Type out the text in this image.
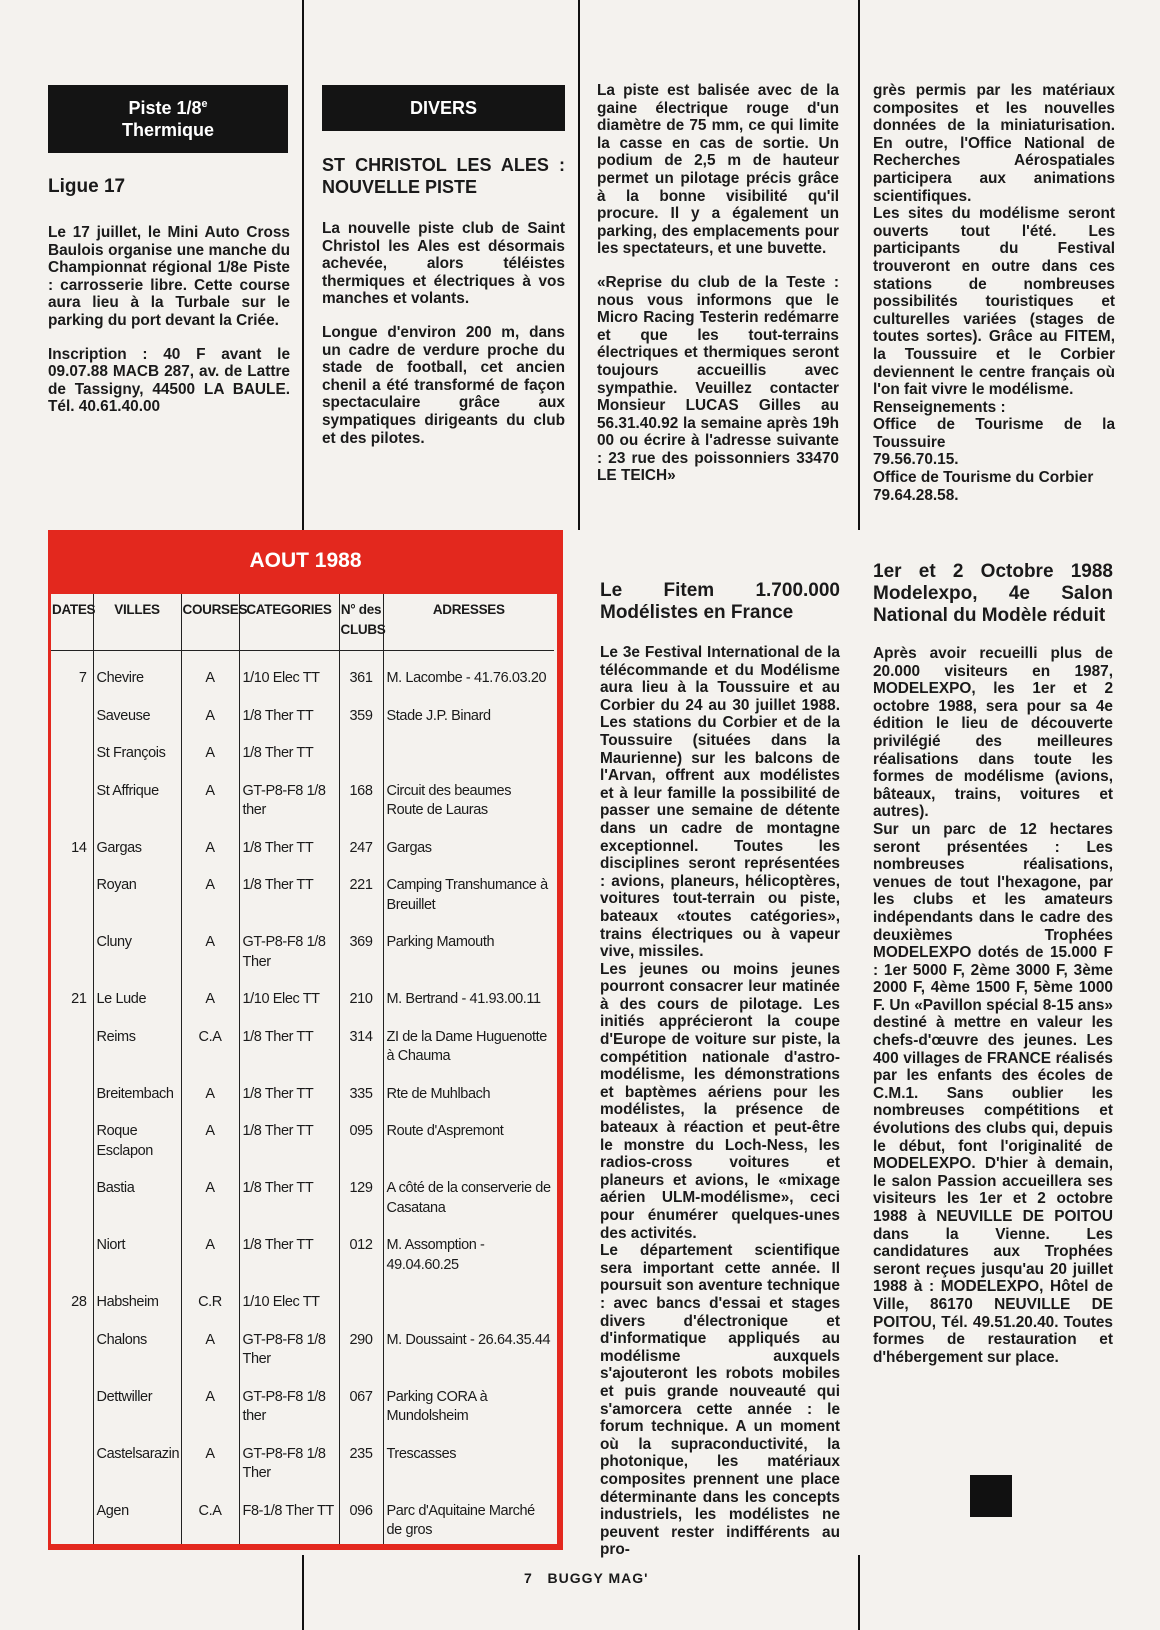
Piste 1/8e
Thermique

Ligue 17

Le 17 juillet, le Mini Auto Cross Baulois organise une manche du Championnat régional 1/8e Piste : carrosserie libre. Cette course aura lieu à la Turbale sur le parking du port devant la Criée.

Inscription : 40 F avant le 09.07.88 MACB 287, av. de Lattre de Tassigny, 44500 LA BAULE. Tél. 40.61.40.00

DIVERS

ST CHRISTOL LES ALES : NOUVELLE PISTE

La nouvelle piste club de Saint Christol les Ales est désormais achevée, alors téléistes thermiques et électriques à vos manches et volants.

Longue d'environ 200 m, dans un cadre de verdure proche du stade de football, cet ancien chenil a été transformé de façon spectaculaire grâce aux sympatiques dirigeants du club et des pilotes.

La piste est balisée avec de la gaine électrique rouge d'un diamètre de 75 mm, ce qui limite la casse en cas de sortie. Un podium de 2,5 m de hauteur permet un pilotage précis grâce à la bonne visibilité qu'il procure. Il y a également un parking, des emplacements pour les spectateurs, et une buvette.

«Reprise du club de la Teste : nous vous informons que le Micro Racing Testerin redémarre et que les tout-terrains électriques et thermiques seront toujours accueillis avec sympathie. Veuillez contacter Monsieur LUCAS Gilles au 56.31.40.92 la semaine après 19h 00 ou écrire à l'adresse suivante : 23 rue des poissonniers 33470 LE TEICH»

grès permis par les matériaux composites et les nouvelles données de la miniaturisation. En outre, l'Office National de Recherches Aérospatiales participera aux animations scientifiques.

Les sites du modélisme seront ouverts tout l'été. Les participants du Festival trouveront en outre dans ces stations de nombreuses possibilités touristiques et culturelles variées (stages de toutes sortes). Grâce au FITEM, la Toussuire et le Corbier deviennent le centre français où l'on fait vivre le modélisme.

Renseignements :

Office de Tourisme de la Toussuire

79.56.70.15.

Office de Tourisme du Corbier

79.64.28.58.

Le Fitem 1.700.000 Modélistes en France

Le 3e Festival International de la télécommande et du Modélisme aura lieu à la Toussuire et au Corbier du 24 au 30 juillet 1988. Les stations du Corbier et de la Toussuire (situées dans la Maurienne) sur les balcons de l'Arvan, offrent aux modélistes et à leur famille la possibilité de passer une semaine de détente dans un cadre de montagne exceptionnel. Toutes les disciplines seront représentées : avions, planeurs, hélicoptères, voitures tout-terrain ou piste, bateaux «toutes catégories», trains électriques ou à vapeur vive, missiles.

Les jeunes ou moins jeunes pourront consacrer leur matinée à des cours de pilotage. Les initiés apprécieront la coupe d'Europe de voiture sur piste, la compétition nationale d'astro-modélisme, les démonstrations et baptèmes aériens pour les modélistes, la présence de bateaux à réaction et peut-être le monstre du Loch-Ness, les radios-cross voitures et planeurs et avions, le «mixage aérien ULM-modélisme», ceci pour énumérer quelques-unes des activités.

Le département scientifique sera important cette année. Il poursuit son aventure technique : avec bancs d'essai et stages divers d'électronique et d'informatique appliqués au modélisme auxquels s'ajouteront les robots mobiles et puis grande nouveauté qui s'amorcera cette année : le forum technique. A un moment où la supraconductivité, la photonique, les matériaux composites prennent une place déterminante dans les concepts industriels, les modélistes ne peuvent rester indifférents au pro-

1er et 2 Octobre 1988 Modelexpo, 4e Salon National du Modèle réduit

Après avoir recueilli plus de 20.000 visiteurs en 1987, MODELEXPO, les 1er et 2 octobre 1988, sera pour sa 4e édition le lieu de découverte privilégié des meilleures réalisations dans toute les formes de modélisme (avions, bâteaux, trains, voitures et autres).

Sur un parc de 12 hectares seront présentées : Les nombreuses réalisations, venues de tout l'hexagone, par les clubs et les amateurs indépendants dans le cadre des deuxièmes Trophées MODELEXPO dotés de 15.000 F : 1er 5000 F, 2ème 3000 F, 3ème 2000 F, 4ème 1500 F, 5ème 1000 F. Un «Pavillon spécial 8-15 ans» destiné à mettre en valeur les chefs-d'œuvre des jeunes. Les 400 villages de FRANCE réalisés par les enfants des écoles de C.M.1. Sans oublier les nombreuses compétitions et évolutions des clubs qui, depuis le début, font l'originalité de MODELEXPO. D'hier à demain, le salon Passion accueillera ses visiteurs les 1er et 2 octobre 1988 à NEUVILLE DE POITOU dans la Vienne. Les candidatures aux Trophées seront reçues jusqu'au 20 juillet 1988 à : MODELEXPO, Hôtel de Ville, 86170 NEUVILLE DE POITOU, Tél. 49.51.20.40. Toutes formes de restauration et d'hébergement sur place.

AOUT 1988
DATES	VILLES	COURSES	CATEGORIES	N° des CLUBS	ADRESSES

7	Chevire	A	1/10 Elec TT	361	M. Lacombe - 41.76.03.20

	Saveuse	A	1/8 Ther TT	359	Stade J.P. Binard

	St François	A	1/8 Ther TT		

	St Affrique	A	GT-P8-F8 1/8 ther	168	Circuit des beaumes Route de Lauras

14	Gargas	A	1/8 Ther TT	247	Gargas

	Royan	A	1/8 Ther TT	221	Camping Transhumance à Breuillet

	Cluny	A	GT-P8-F8 1/8 Ther	369	Parking Mamouth

21	Le Lude	A	1/10 Elec TT	210	M. Bertrand - 41.93.00.11

	Reims	C.A	1/8 Ther TT	314	ZI de la Dame Huguenotte à Chauma

	Breitembach	A	1/8 Ther TT	335	Rte de Muhlbach

	Roque Esclapon	A	1/8 Ther TT	095	Route d'Aspremont

	Bastia	A	1/8 Ther TT	129	A côté de la conserverie de Casatana

	Niort	A	1/8 Ther TT	012	M. Assomption - 49.04.60.25

28	Habsheim	C.R	1/10 Elec TT		

	Chalons	A	GT-P8-F8 1/8 Ther	290	M. Doussaint - 26.64.35.44

	Dettwiller	A	GT-P8-F8 1/8 ther	067	Parking CORA à Mundolsheim

	Castelsarazin	A	GT-P8-F8 1/8 Ther	235	Trescasses

	Agen	C.A	F8-1/8 Ther TT	096	Parc d'Aquitaine Marché de gros

7 BUGGY MAG'
